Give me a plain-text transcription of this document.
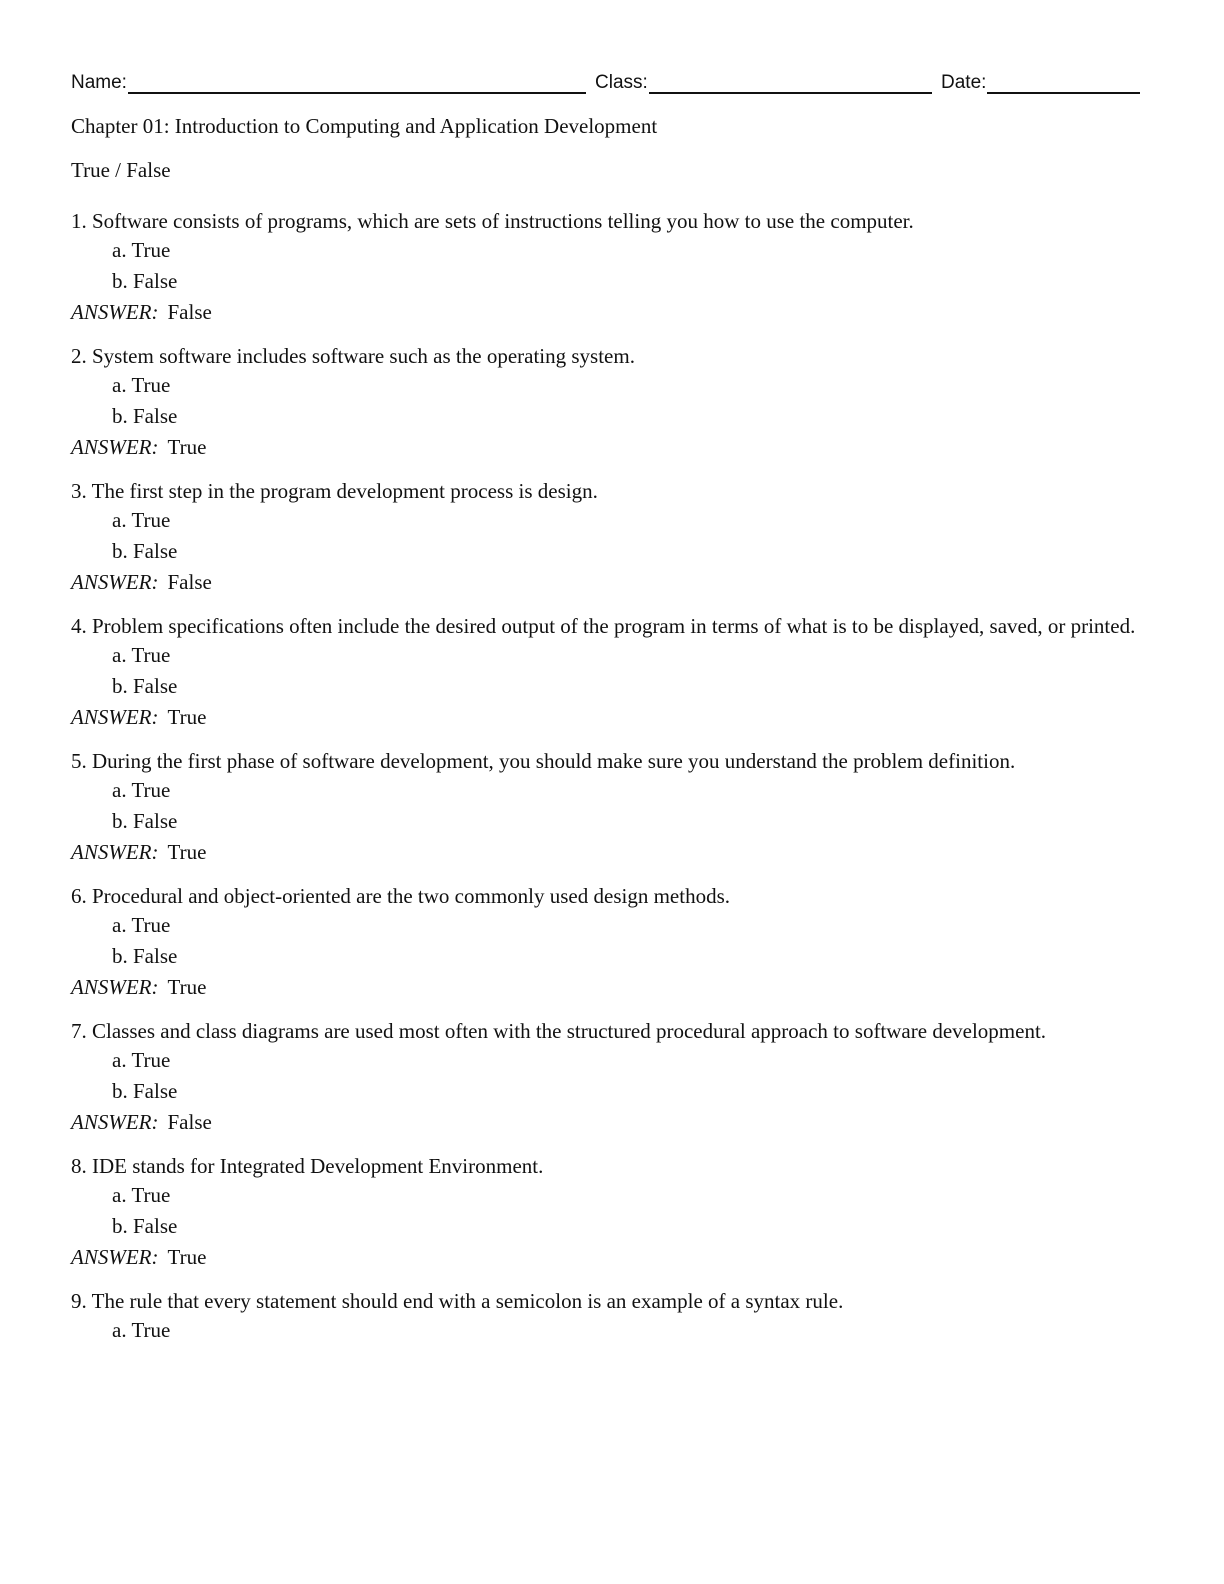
Name:	Class:	Date:
Chapter 01: Introduction to Computing and Application Development
True / False

1. Software consists of programs, which are sets of instructions telling you how to use the computer.

a. True
b. False
ANSWER: False

2. System software includes software such as the operating system.

a. True
b. False
ANSWER: True

3. The first step in the program development process is design.

a. True
b. False
ANSWER: False

4. Problem specifications often include the desired output of the program in terms of what is to be displayed, saved, or printed.

a. True
b. False
ANSWER: True

5. During the first phase of software development, you should make sure you understand the problem definition.

a. True
b. False
ANSWER: True

6. Procedural and object-oriented are the two commonly used design methods.

a. True
b. False
ANSWER: True

7. Classes and class diagrams are used most often with the structured procedural approach to software development.

a. True
b. False
ANSWER: False

8. IDE stands for Integrated Development Environment.

a. True
b. False
ANSWER: True

9. The rule that every statement should end with a semicolon is an example of a syntax rule.

a. True
